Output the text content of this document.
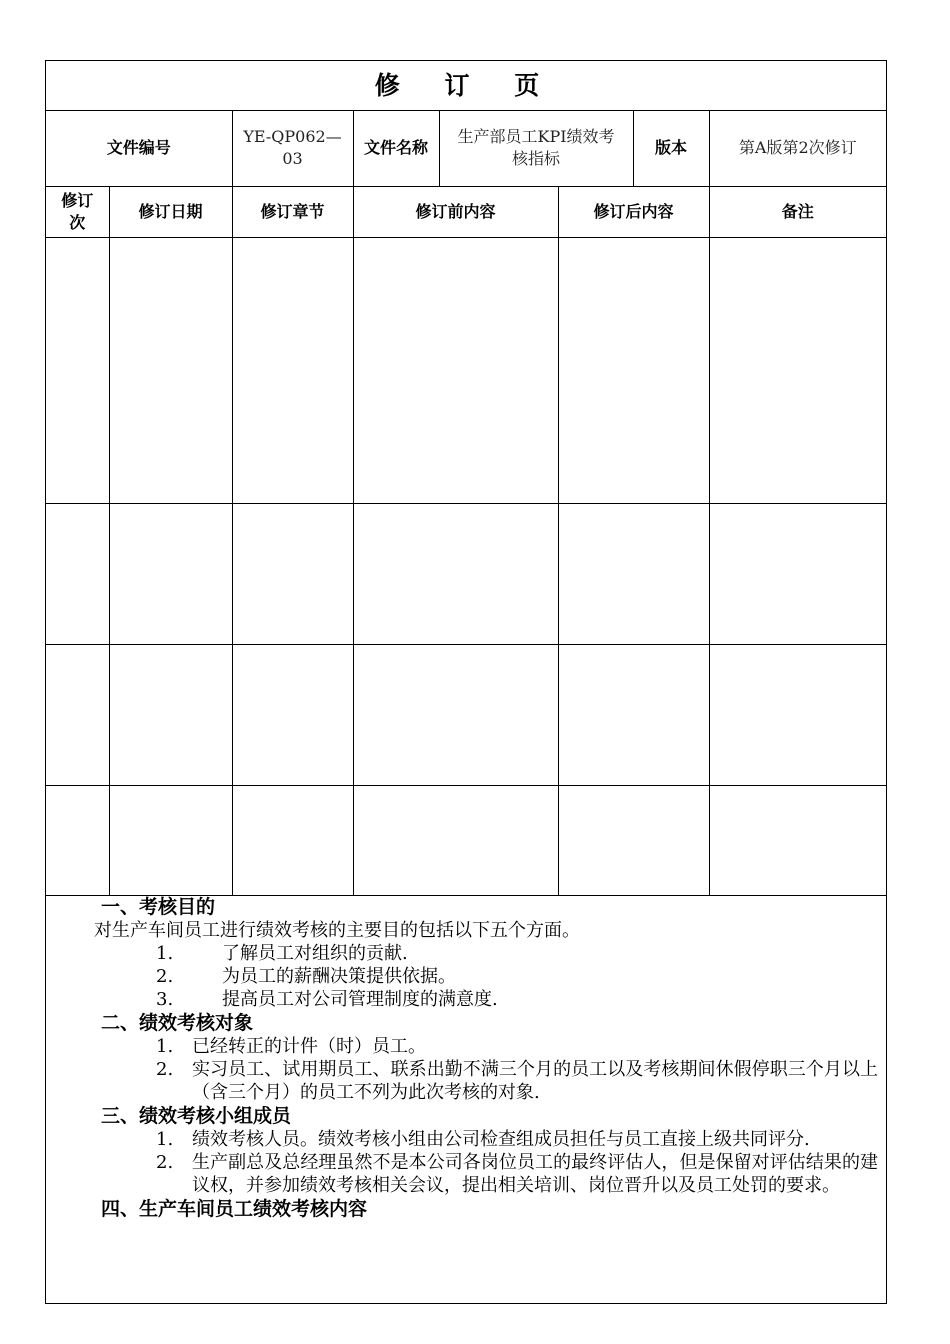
修 订 页
文件编号		YE-QP062—03	文件名称	生产部员工KPI绩效考核指标		版本	第A版第2次修订
修订次	修订日期	修订章节	修订前内容		修订后内容		备注

一、考核目的
对生产车间员工进行绩效考核的主要目的包括以下五个方面。
1.	了解员工对组织的贡献.
2.	为员工的薪酬决策提供依据。
3.	提高员工对公司管理制度的满意度.
二、绩效考核对象
1.	已经转正的计件（时）员工。
2.	实习员工、试用期员工、联系出勤不满三个月的员工以及考核期间休假停职三个月以上（含三个月）的员工不列为此次考核的对象.
三、绩效考核小组成员
1.	绩效考核人员。绩效考核小组由公司检查组成员担任与员工直接上级共同评分.
2.	生产副总及总经理虽然不是本公司各岗位员工的最终评估人，但是保留对评估结果的建议权，并参加绩效考核相关会议，提出相关培训、岗位晋升以及员工处罚的要求。
四、生产车间员工绩效考核内容
